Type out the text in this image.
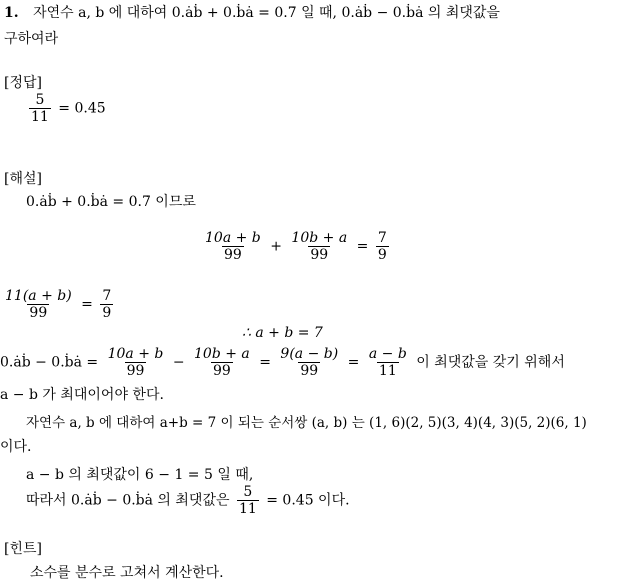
1. 자연수 a, b 에 대하여 0.ȧḃ + 0.ḃȧ = 0.7̇ 일 때, 0.ȧḃ − 0.ḃȧ 의 최댓값을
구하여라
[정답]
$\frac{5}{11}$ = 0.4̇5̇
[해설]
0.ȧḃ + 0.ḃȧ = 0.7̇ 이므로
$\frac{10a + b}{99} + \frac{10b + a}{99} = \frac{7}{9}$
$\frac{11(a + b)}{99} = \frac{7}{9}$
∴ a + b = 7
0.ȧḃ − 0.ḃȧ = $\frac{10a + b}{99} - \frac{10b + a}{99} = \frac{9(a - b)}{99} = \frac{a - b}{11}$ 이 최댓값을 갖기 위해서
a − b 가 최대이어야 한다.
자연수 a, b 에 대하여 a+b = 7 이 되는 순서쌍 (a, b) 는 (1, 6)(2, 5)(3, 4)(4, 3)(5, 2)(6, 1)
이다.
a − b 의 최댓값이 6 − 1 = 5 일 때,
따라서 0.ȧḃ − 0.ḃȧ 의 최댓값은 $\frac{5}{11}$ = 0.4̇5̇ 이다.
[힌트]
소수를 분수로 고쳐서 계산한다.
